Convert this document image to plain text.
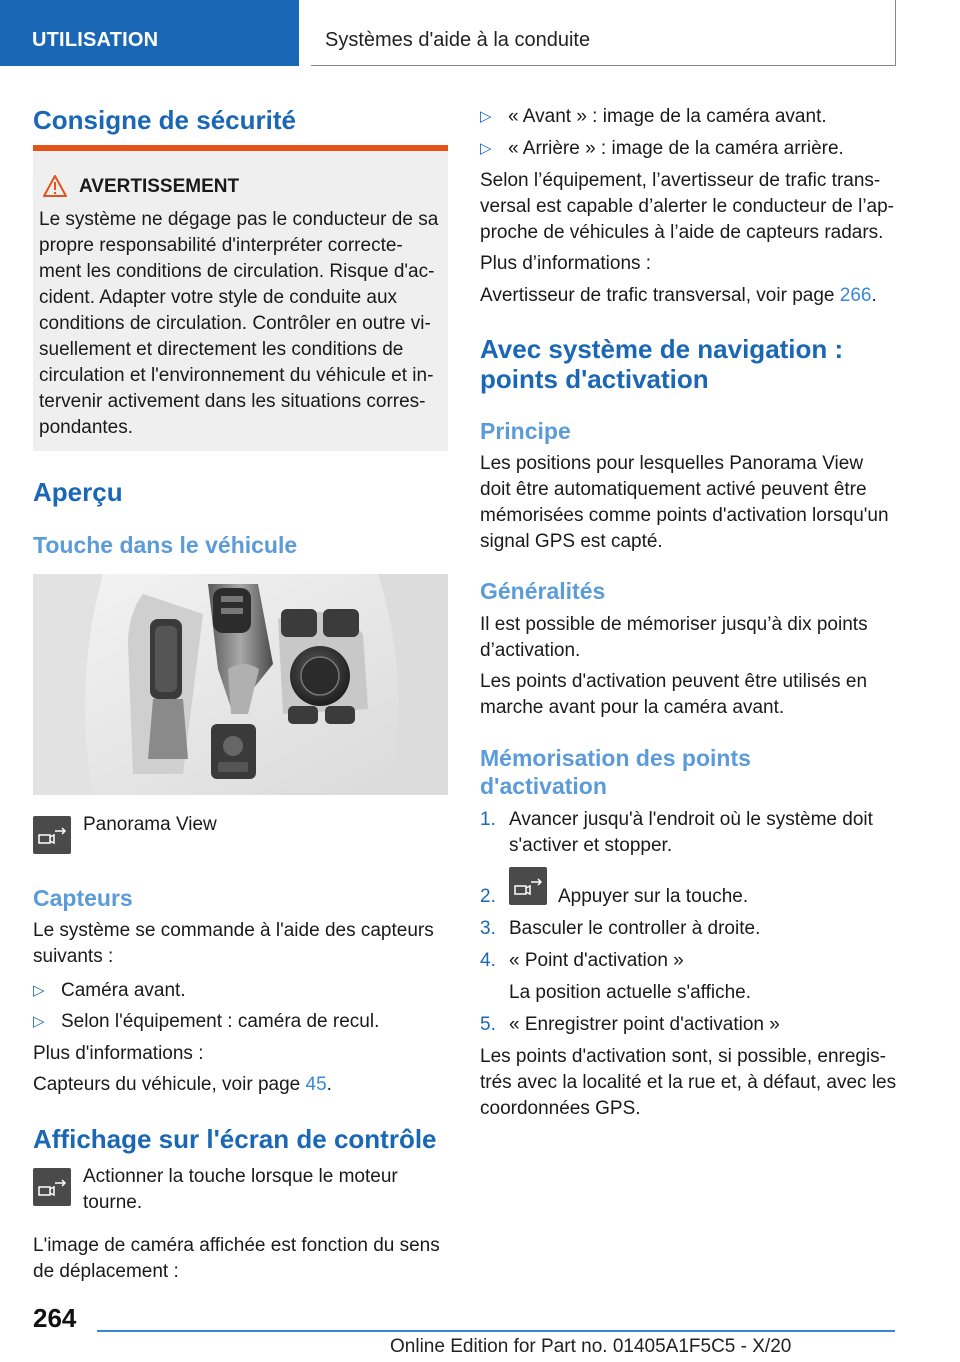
UTILISATION	Systèmes d'aide à la conduite
Consigne de sécurité
AVERTISSEMENT
Le système ne dégage pas le conducteur de sa
propre responsabilité d'interpréter correcte-
ment les conditions de circulation. Risque d'ac-
cident. Adapter votre style de conduite aux
conditions de circulation. Contrôler en outre vi-
suellement et directement les conditions de
circulation et l'environnement du véhicule et in-
tervenir activement dans les situations corres-
pondantes.
Aperçu
Touche dans le véhicule
Panorama View
Capteurs
Le système se commande à l'aide des capteurs
suivants :
▷ Caméra avant.
▷ Selon l'équipement : caméra de recul.
Plus d'informations :
Capteurs du véhicule, voir page 45.
Affichage sur l'écran de contrôle
Actionner la touche lorsque le moteur
tourne.
L'image de caméra affichée est fonction du sens
de déplacement :
▷ « Avant » : image de la caméra avant.
▷ « Arrière » : image de la caméra arrière.
Selon l’équipement, l’avertisseur de trafic trans-
versal est capable d’alerter le conducteur de l’ap-
proche de véhicules à l’aide de capteurs radars.
Plus d’informations :
Avertisseur de trafic transversal, voir page 266.
Avec système de navigation :
points d'activation
Principe
Les positions pour lesquelles Panorama View
doit être automatiquement activé peuvent être
mémorisées comme points d'activation lorsqu'un
signal GPS est capté.
Généralités
Il est possible de mémoriser jusqu’à dix points
d’activation.
Les points d'activation peuvent être utilisés en
marche avant pour la caméra avant.
Mémorisation des points
d'activation
1. Avancer jusqu'à l'endroit où le système doit
s'activer et stopper.
2.	Appuyer sur la touche.
3. Basculer le controller à droite.
4. « Point d'activation »
La position actuelle s'affiche.
5. « Enregistrer point d'activation »
Les points d'activation sont, si possible, enregis-
trés avec la localité et la rue et, à défaut, avec les
coordonnées GPS.
264
Online Edition for Part no. 01405A1F5C5 - X/20
